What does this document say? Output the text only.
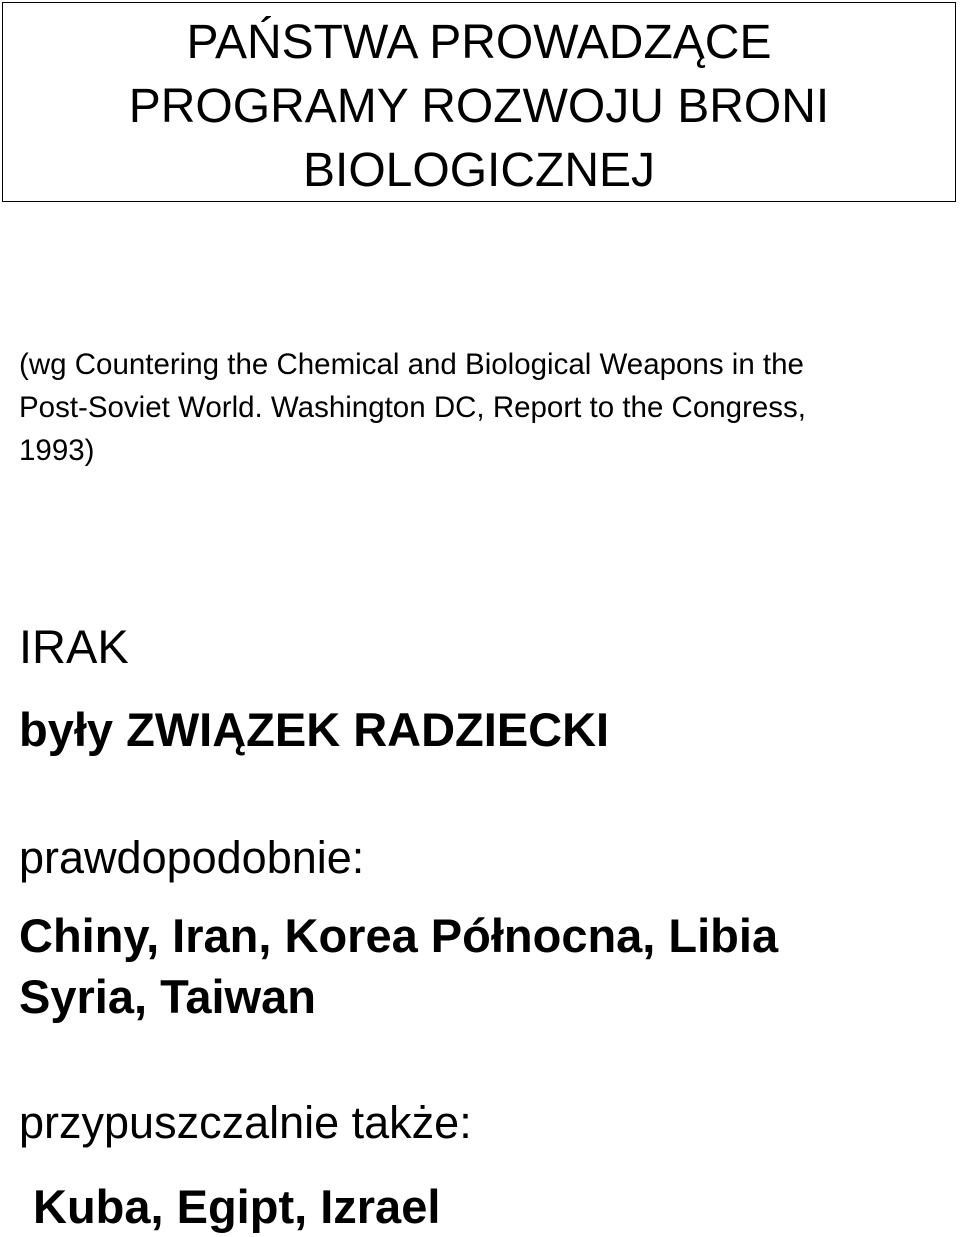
PAŃSTWA PROWADZĄCE
PROGRAMY ROZWOJU BRONI
BIOLOGICZNEJ
(wg Countering the Chemical and Biological Weapons in the
Post-Soviet World. Washington DC, Report to the Congress,
1993)
IRAK
były ZWIĄZEK RADZIECKI
prawdopodobnie:
Chiny, Iran, Korea Północna, Libia
Syria, Taiwan
przypuszczalnie także:
Kuba, Egipt, Izrael
